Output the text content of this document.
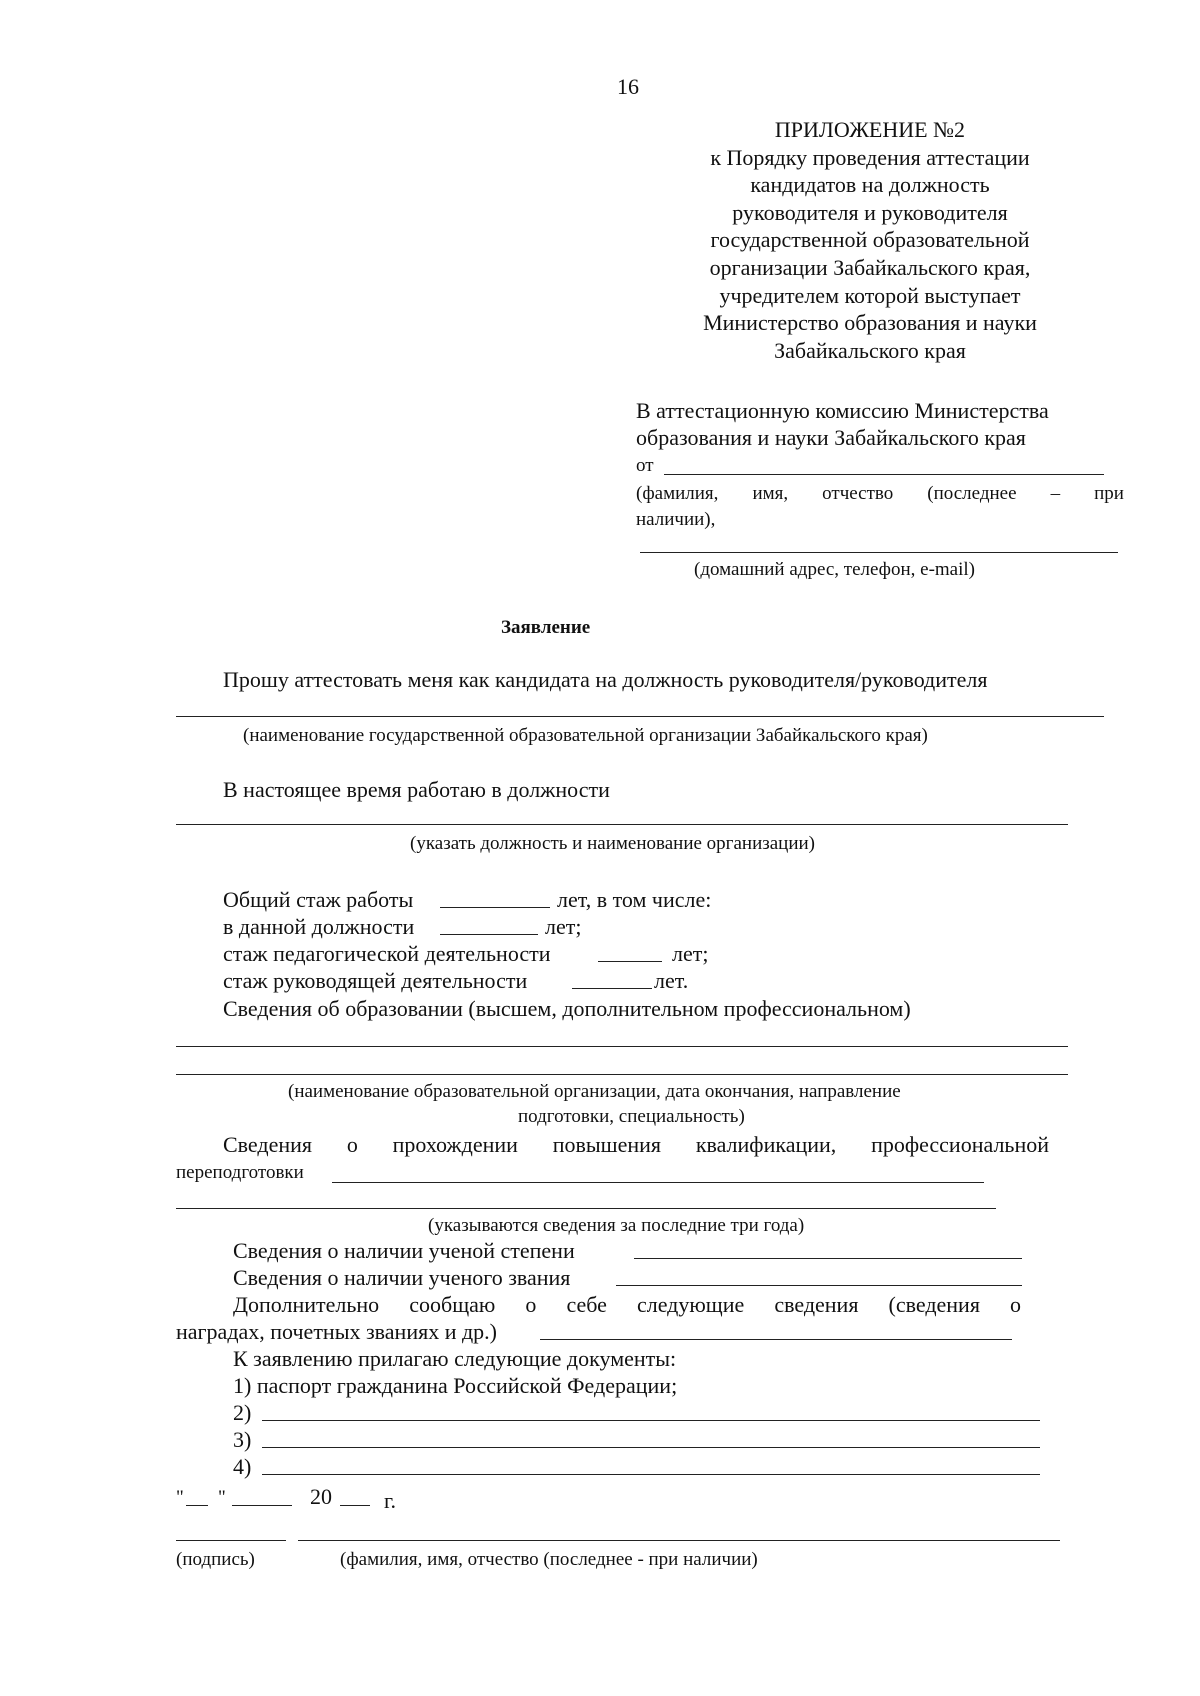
16
ПРИЛОЖЕНИЕ №2
к Порядку проведения аттестации
кандидатов на должность
руководителя и руководителя
государственной образовательной
организации Забайкальского края,
учредителем которой выступает
Министерство образования и науки
Забайкальского края
В аттестационную комиссию Министерства
образования и науки Забайкальского края
от
(фамилия, имя, отчество (последнее – при
наличии),
(домашний адрес, телефон, e-mail)
Заявление
Прошу аттестовать меня как кандидата на должность руководителя/руководителя
(наименование государственной образовательной организации Забайкальского края)
В настоящее время работаю в должности
(указать должность и наименование организации)
Общий стаж работы	лет, в том числе:
в данной должности	лет;
стаж педагогической деятельности	лет;
стаж руководящей деятельности	лет.
Сведения об образовании (высшем, дополнительном профессиональном)
(наименование образовательной организации, дата окончания, направление
подготовки, специальность)
Сведения о прохождении повышения квалификации, профессиональной
переподготовки
(указываются сведения за последние три года)
Сведения о наличии ученой степени
Сведения о наличии ученого звания
Дополнительно сообщаю о себе следующие сведения (сведения о
наградах, почетных званиях и др.)
К заявлению прилагаю следующие документы:
1) паспорт гражданина Российской Федерации;
2)
3)
4)
" "	20 г.
(подпись)	(фамилия, имя, отчество (последнее - при наличии)
